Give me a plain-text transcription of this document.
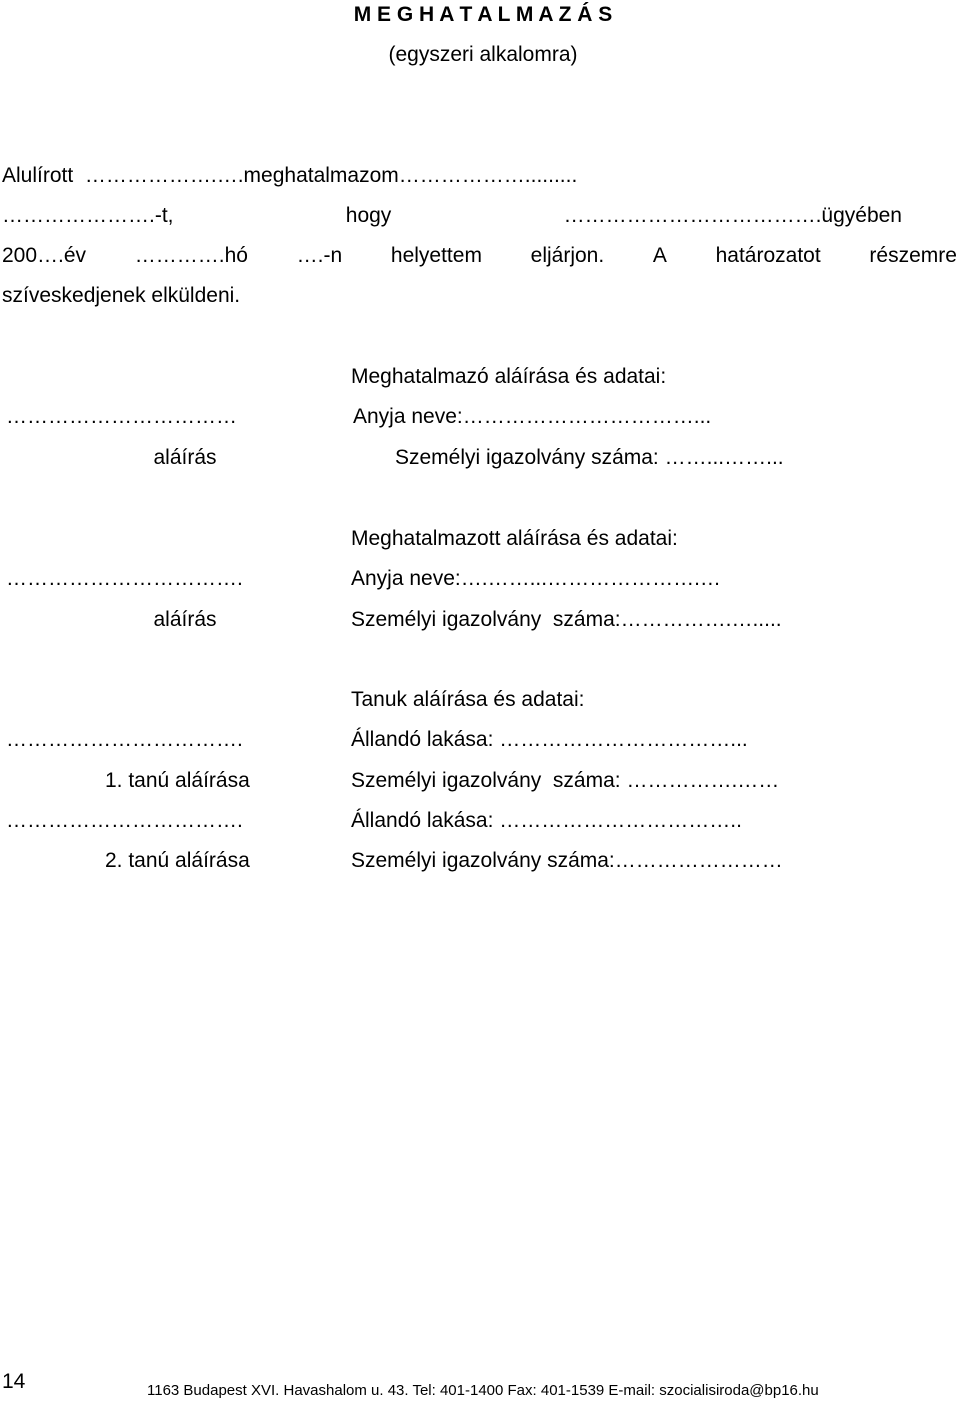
M E G H A T A L M A Z Á S
(egyszeri alkalomra)
Alulírott ……………….….meghatalmazom……………….........
………………….-t,	hogy	……………………………….ügyében
200….év ………….hó ….-n helyettem eljárjon. A határozatot részemre
szíveskedjenek elküldeni.
Meghatalmazó aláírása és adatai:
……………………………	Anyja neve:……………………………...
aláírás	Személyi igazolvány száma: ……...……...
Meghatalmazott aláírása és adatai:
…………………………….	Anyja neve:….……...………………….…
aláírás	Személyi igazolvány  száma:…………….….....
Tanuk aláírása és adatai:
…………………………….	Állandó lakása: ……………………………...
1. tanú aláírása	Személyi igazolvány  száma: …………….……
…………………………….	Állandó lakása: ……………………………..
2. tanú aláírása	Személyi igazolvány száma:……………………
14	1163 Budapest XVI. Havashalom u. 43. Tel: 401-1400 Fax: 401-1539 E-mail: szocialisiroda@bp16.hu
